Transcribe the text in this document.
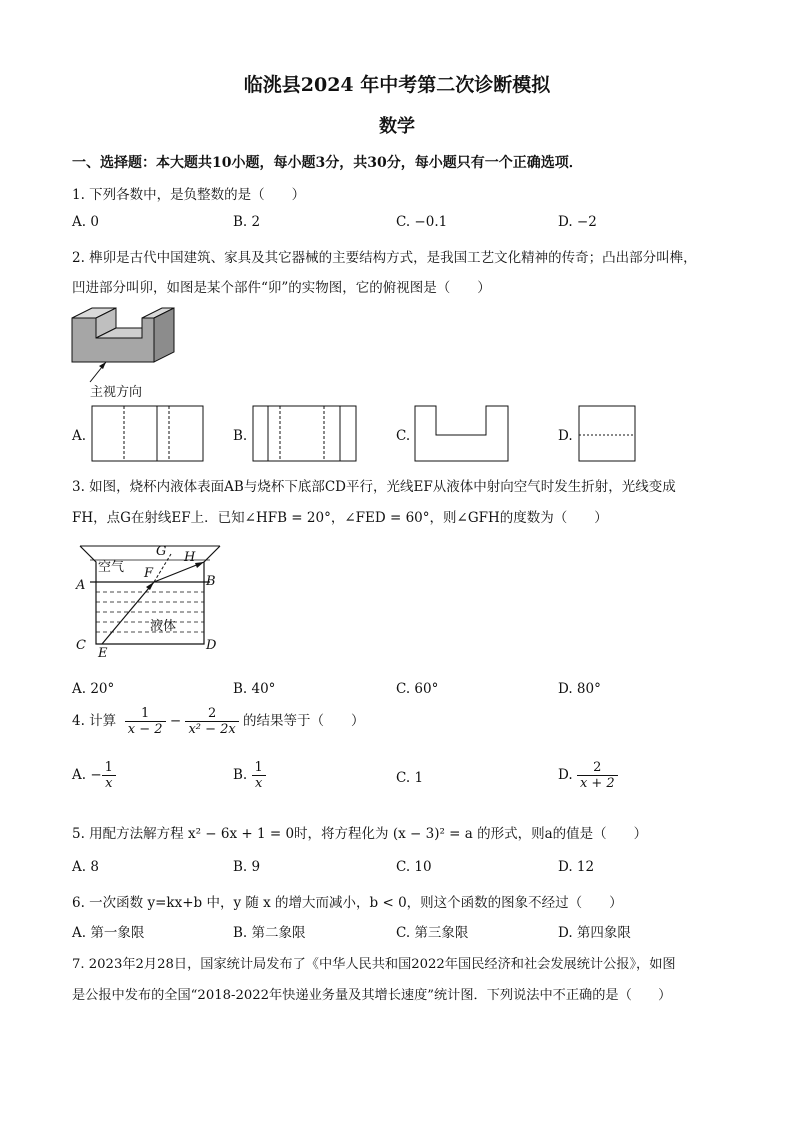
临洮县2024 年中考第二次诊断模拟
数学
一、选择题：本大题共10小题，每小题3分，共30分，每小题只有一个正确选项．
1. 下列各数中，是负整数的是（　　）
A. 0	B. 2	C. −0.1	D. −2
2. 榫卯是古代中国建筑、家具及其它器械的主要结构方式，是我国工艺文化精神的传奇；凸出部分叫榫，
凹进部分叫卯，如图是某个部件“卯”的实物图，它的俯视图是（　　）
主视方向
A.	B.	C.	D.
3. 如图，烧杯内液体表面AB与烧杯下底部CD平行，光线EF从液体中射向空气时发生折射，光线变成
FH，点G在射线EF上．已知∠HFB = 20°，∠FED = 60°，则∠GFH的度数为（　　）
空气
液体
A	B
C	D
E
F
G H
A. 20°	B. 40°	C. 60°	D. 80°
4. 计算 $\frac{1}{x - 2} - \frac{2}{\text{x² − 2x}}$ 的结果等于（　　）
A. − $\frac{1}{x}$	B. $\frac{1}{x}$	C. 1	D. $\frac{2}{x + 2}$
5. 用配方法解方程 x² − 6x + 1 = 0时，将方程化为 (x − 3)² = a 的形式，则a的值是（　　）
A. 8	B. 9	C. 10	D. 12
6. 一次函数 y=kx+b 中，y 随 x 的增大而减小，b < 0，则这个函数的图象不经过（　　）
A. 第一象限	B. 第二象限	C. 第三象限	D. 第四象限
7. 2023年2月28日，国家统计局发布了《中华人民共和国2022年国民经济和社会发展统计公报》，如图
是公报中发布的全国“2018-2022年快递业务量及其增长速度”统计图．下列说法中不正确的是（　　）
